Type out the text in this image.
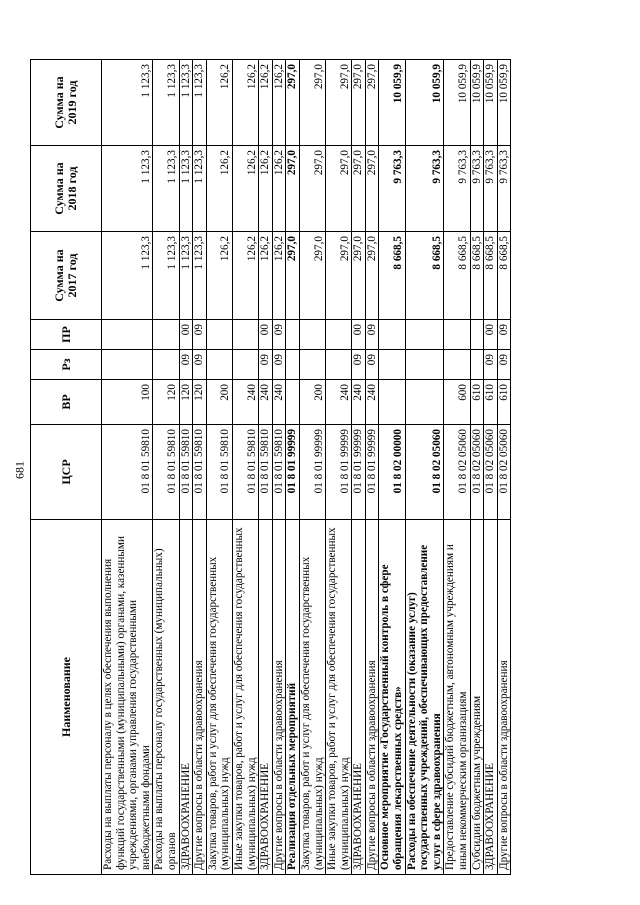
681
Наименование	ЦСР	ВР	Рз	ПР	Сумма на 2017 год	Сумма на 2018 год	Сумма на 2019 год
Расходы на выплаты персоналу в целях обеспечения выполнения функций государственными (муниципальными) органами, казенными учреждениями, органами управления государственными внебюджетными фондами	01 8 01 59810	100			1 123,3	1 123,3	1 123,3
Расходы на выплаты персоналу государственных (муниципальных) органов	01 8 01 59810	120			1 123,3	1 123,3	1 123,3
ЗДРАВООХРАНЕНИЕ	01 8 01 59810	120	09	00	1 123,3	1 123,3	1 123,3
Другие вопросы в области здравоохранения	01 8 01 59810	120	09	09	1 123,3	1 123,3	1 123,3
Закупка товаров, работ и услуг для обеспечения государственных (муниципальных) нужд	01 8 01 59810	200			126,2	126,2	126,2
Иные закупки товаров, работ и услуг для обеспечения государственных (муниципальных) нужд	01 8 01 59810	240			126,2	126,2	126,2
ЗДРАВООХРАНЕНИЕ	01 8 01 59810	240	09	00	126,2	126,2	126,2
Другие вопросы в области здравоохранения	01 8 01 59810	240	09	09	126,2	126,2	126,2
Реализация отдельных мероприятий	01 8 01 99999				297,0	297,0	297,0
Закупка товаров, работ и услуг для обеспечения государственных (муниципальных) нужд	01 8 01 99999	200			297,0	297,0	297,0
Иные закупки товаров, работ и услуг для обеспечения государственных (муниципальных) нужд	01 8 01 99999	240			297,0	297,0	297,0
ЗДРАВООХРАНЕНИЕ	01 8 01 99999	240	09	00	297,0	297,0	297,0
Другие вопросы в области здравоохранения	01 8 01 99999	240	09	09	297,0	297,0	297,0
Основное мероприятие «Государственный контроль в сфере обращения лекарственных средств»	01 8 02 00000				8 668,5	9 763,3	10 059,9
Расходы на обеспечение деятельности (оказание услуг) государственных учреждений, обеспечивающих предоставление услуг в сфере здравоохранения	01 8 02 05060				8 668,5	9 763,3	10 059,9
Предоставление субсидий бюджетным, автономным учреждениям и иным некоммерческим организациям	01 8 02 05060	600			8 668,5	9 763,3	10 059,9
Субсидии бюджетным учреждениям	01 8 02 05060	610			8 668,5	9 763,3	10 059,9
ЗДРАВООХРАНЕНИЕ	01 8 02 05060	610	09	00	8 668,5	9 763,3	10 059,9
Другие вопросы в области здравоохранения	01 8 02 05060	610	09	09	8 668,5	9 763,3	10 059,9
